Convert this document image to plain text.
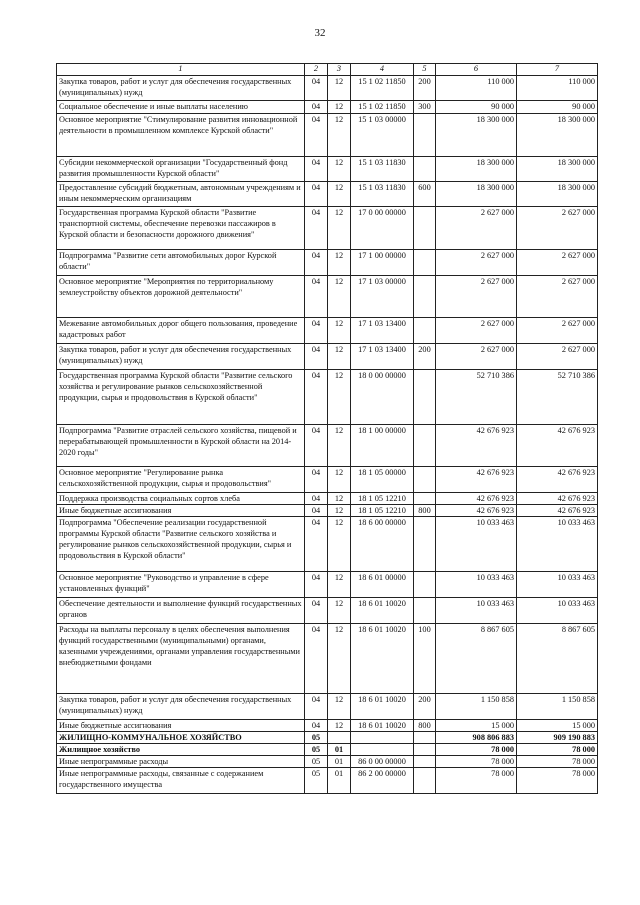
32
1	2	3	4	5	6	7
Закупка товаров, работ и услуг для обеспечения государственных (муниципальных) нужд	04	12	15 1 02 11850	200	110 000	110 000
Социальное обеспечение и иные выплаты населению	04	12	15 1 02 11850	300	90 000	90 000
Основное мероприятие "Стимулирование развития инновационной деятельности в промышленном комплексе Курской области"	04	12	15 1 03 00000		18 300 000	18 300 000
Субсидии некоммерческой организации "Государственный фонд развития промышленности Курской области"	04	12	15 1 03 11830		18 300 000	18 300 000
Предоставление субсидий бюджетным, автономным учреждениям и иным некоммерческим организациям	04	12	15 1 03 11830	600	18 300 000	18 300 000
Государственная программа Курской области "Развитие транспортной системы, обеспечение перевозки пассажиров в Курской области и безопасности дорожного движения"	04	12	17 0 00 00000		2 627 000	2 627 000
Подпрограмма "Развитие сети автомобильных дорог Курской области"	04	12	17 1 00 00000		2 627 000	2 627 000
Основное мероприятие "Мероприятия по территориальному землеустройству объектов дорожной деятельности"	04	12	17 1 03 00000		2 627 000	2 627 000
Межевание автомобильных дорог общего пользования, проведение кадастровых работ	04	12	17 1 03 13400		2 627 000	2 627 000
Закупка товаров, работ и услуг для обеспечения государственных (муниципальных) нужд	04	12	17 1 03 13400	200	2 627 000	2 627 000
Государственная программа Курской области "Развитие сельского хозяйства и регулирование рынков сельскохозяйственной продукции, сырья и продовольствия в Курской области"	04	12	18 0 00 00000		52 710 386	52 710 386
Подпрограмма "Развитие отраслей сельского хозяйства, пищевой и перерабатывающей промышленности в Курской области на 2014-2020 годы"	04	12	18 1 00 00000		42 676 923	42 676 923
Основное мероприятие "Регулирование рынка сельскохозяйственной продукции, сырья и продовольствия"	04	12	18 1 05 00000		42 676 923	42 676 923
Поддержка производства социальных сортов хлеба	04	12	18 1 05 12210		42 676 923	42 676 923
Иные бюджетные ассигнования	04	12	18 1 05 12210	800	42 676 923	42 676 923
Подпрограмма "Обеспечение реализации государственной программы Курской области "Развитие сельского хозяйства и регулирование рынков сельскохозяйственной продукции, сырья и продовольствия в Курской области"	04	12	18 6 00 00000		10 033 463	10 033 463
Основное мероприятие "Руководство и управление в сфере установленных функций"	04	12	18 6 01 00000		10 033 463	10 033 463
Обеспечение деятельности и выполнение функций государственных органов	04	12	18 6 01 10020		10 033 463	10 033 463
Расходы на выплаты персоналу в целях обеспечения выполнения функций государственными (муниципальными) органами, казенными учреждениями, органами управления государственными внебюджетными фондами	04	12	18 6 01 10020	100	8 867 605	8 867 605
Закупка товаров, работ и услуг для обеспечения государственных (муниципальных) нужд	04	12	18 6 01 10020	200	1 150 858	1 150 858
Иные бюджетные ассигнования	04	12	18 6 01 10020	800	15 000	15 000
ЖИЛИЩНО-КОММУНАЛЬНОЕ ХОЗЯЙСТВО	05				908 806 883	909 190 883
Жилищное хозяйство	05	01			78 000	78 000
Иные непрограммные расходы	05	01	86 0 00 00000		78 000	78 000
Иные непрограммные расходы, связанные с содержанием государственного имущества	05	01	86 2 00 00000		78 000	78 000
